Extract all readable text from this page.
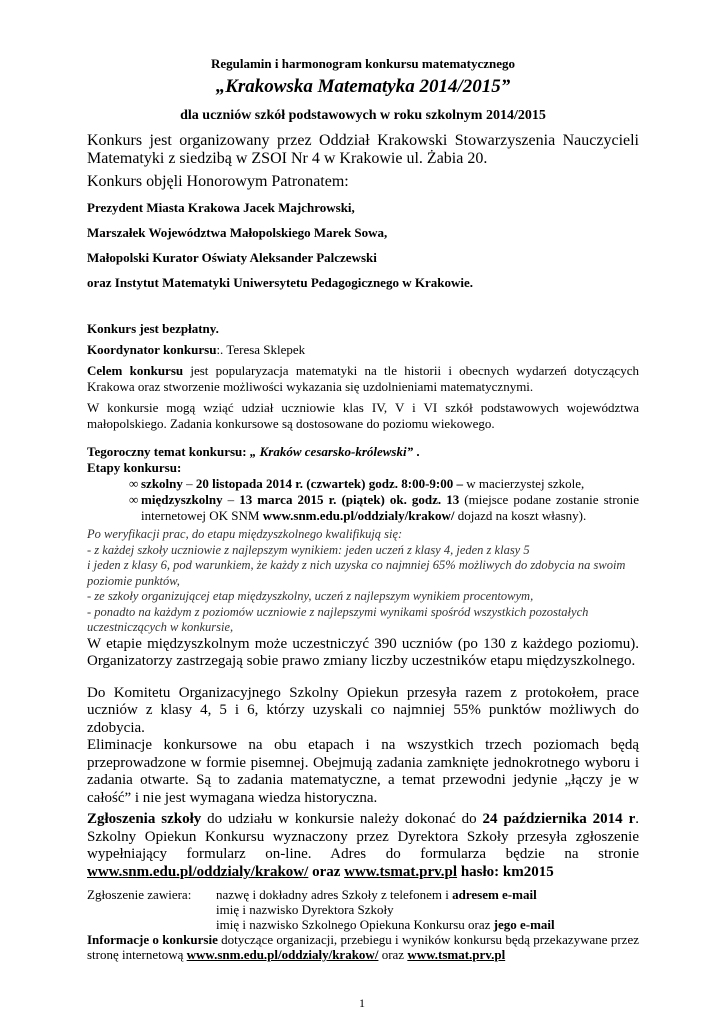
Regulamin i harmonogram konkursu matematycznego
„Krakowska Matematyka 2014/2015”
dla uczniów szkół podstawowych w roku szkolnym 2014/2015

Konkurs jest organizowany przez Oddział Krakowski Stowarzyszenia Nauczycieli Matematyki z siedzibą w ZSOI Nr 4 w Krakowie ul. Żabia 20.

Konkurs objęli Honorowym Patronatem:

Prezydent Miasta Krakowa Jacek Majchrowski,
Marszałek Województwa Małopolskiego Marek Sowa,
Małopolski Kurator Oświaty Aleksander Palczewski
oraz Instytut Matematyki Uniwersytetu Pedagogicznego w Krakowie.

Konkurs jest bezpłatny.

Koordynator konkursu:. Teresa Sklepek

Celem konkursu jest popularyzacja matematyki na tle historii i obecnych wydarzeń dotyczących Krakowa oraz stworzenie możliwości wykazania się uzdolnieniami matematycznymi.

W konkursie mogą wziąć udział uczniowie klas IV, V i VI szkół podstawowych województwa małopolskiego. Zadania konkursowe są dostosowane do poziomu wiekowego.

Tegoroczny temat konkursu: „ Kraków cesarsko-królewski” .

Etapy konkursu:

∞ szkolny – 20 listopada 2014 r. (czwartek) godz. 8:00-9:00 – w macierzystej szkole,
∞ międzyszkolny – 13 marca 2015 r. (piątek) ok. godz. 13 (miejsce podane zostanie stronie internetowej OK SNM www.snm.edu.pl/oddzialy/krakow/ dojazd na koszt własny).
Po weryfikacji prac, do etapu międzyszkolnego kwalifikują się:
- z każdej szkoły uczniowie z najlepszym wynikiem: jeden uczeń z klasy 4, jeden z klasy 5
i jeden z klasy 6, pod warunkiem, że każdy z nich uzyska co najmniej 65% możliwych do zdobycia na swoim poziomie punktów,
- ze szkoły organizującej etap międzyszkolny, uczeń z najlepszym wynikiem procentowym,
- ponadto na każdym z poziomów uczniowie z najlepszymi wynikami spośród wszystkich pozostałych uczestniczących w konkursie,

W etapie międzyszkolnym może uczestniczyć 390 uczniów (po 130 z każdego poziomu). Organizatorzy zastrzegają sobie prawo zmiany liczby uczestników etapu międzyszkolnego.

Do Komitetu Organizacyjnego Szkolny Opiekun przesyła razem z protokołem, prace uczniów z klasy 4, 5 i 6, którzy uzyskali co najmniej 55% punktów możliwych do zdobycia.

Eliminacje konkursowe na obu etapach i na wszystkich trzech poziomach będą przeprowadzone w formie pisemnej. Obejmują zadania zamknięte jednokrotnego wyboru i zadania otwarte. Są to zadania matematyczne, a temat przewodni jedynie „łączy je w całość” i nie jest wymagana wiedza historyczna.

Zgłoszenia szkoły do udziału w konkursie należy dokonać do 24 października 2014 r. Szkolny Opiekun Konkursu wyznaczony przez Dyrektora Szkoły przesyła zgłoszenie wypełniający formularz on-line. Adres do formularza będzie na stronie www.snm.edu.pl/oddzialy/krakow/ oraz www.tsmat.prv.pl hasło: km2015

Zgłoszenie zawiera:	nazwę i dokładny adres Szkoły z telefonem i adresem e-mail
imię i nazwisko Dyrektora Szkoły
imię i nazwisko Szkolnego Opiekuna Konkursu oraz jego e-mail

Informacje o konkursie dotyczące organizacji, przebiegu i wyników konkursu będą przekazywane przez stronę internetową www.snm.edu.pl/oddzialy/krakow/ oraz www.tsmat.prv.pl

1
